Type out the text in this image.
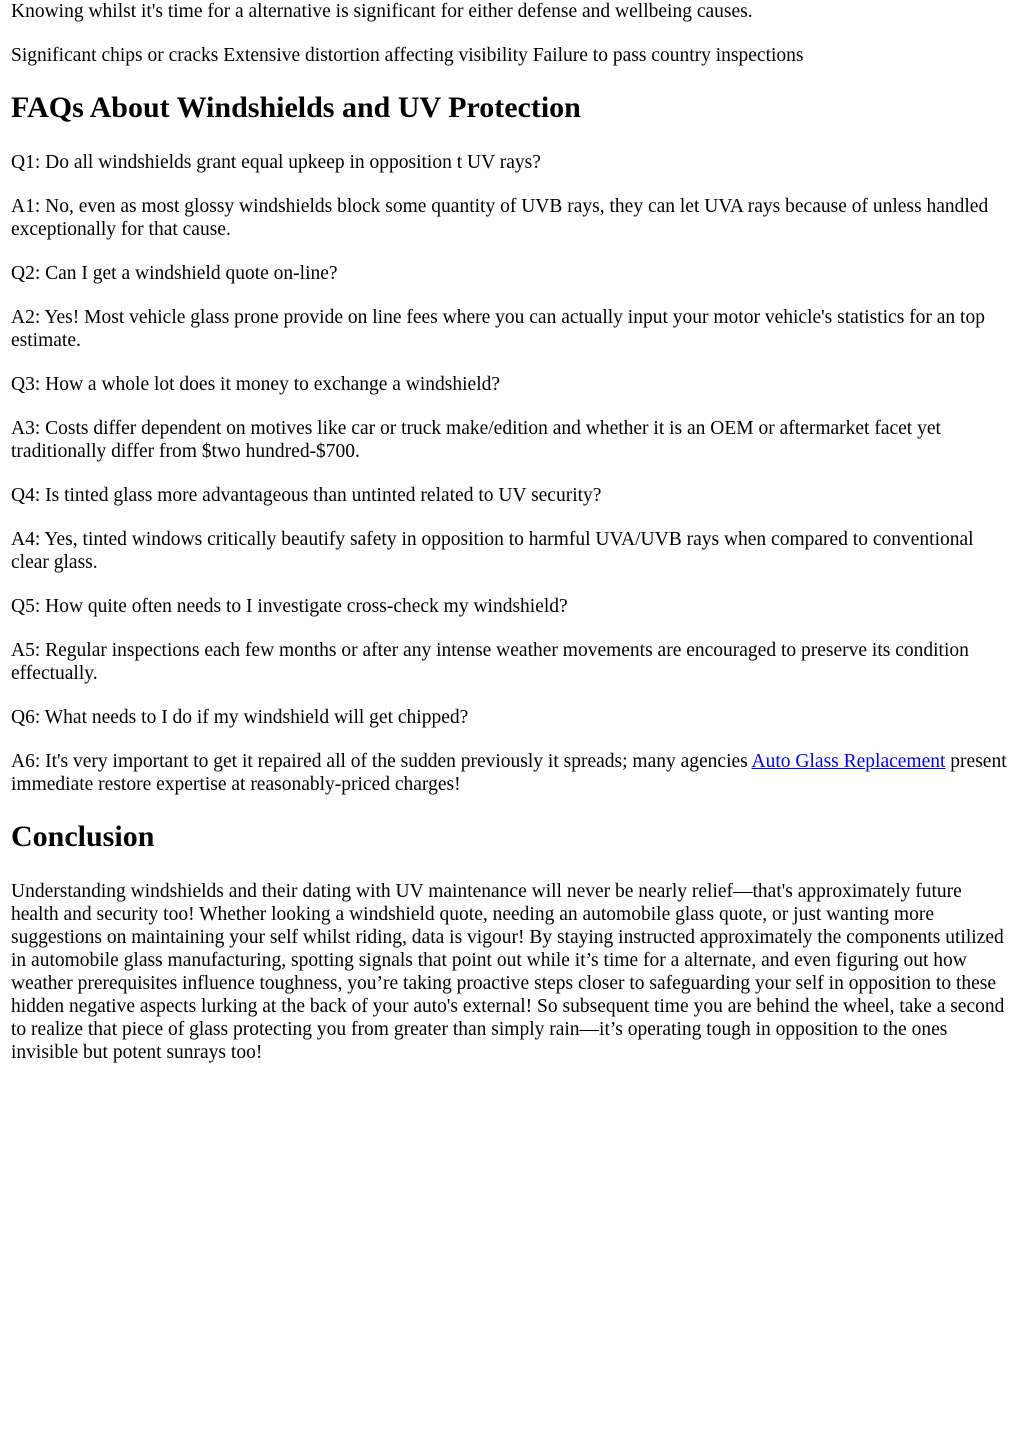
Knowing whilst it's time for a alternative is significant for either defense and wellbeing causes.

Significant chips or cracks Extensive distortion affecting visibility Failure to pass country inspections

FAQs About Windshields and UV Protection

Q1: Do all windshields grant equal upkeep in opposition t UV rays?

A1: No, even as most glossy windshields block some quantity of UVB rays, they can let UVA rays because of unless handled exceptionally for that cause.

Q2: Can I get a windshield quote on-line?

A2: Yes! Most vehicle glass prone provide on line fees where you can actually input your motor vehicle's statistics for an top estimate.

Q3: How a whole lot does it money to exchange a windshield?

A3: Costs differ dependent on motives like car or truck make/edition and whether it is an OEM or aftermarket facet yet traditionally differ from $two hundred-$700.

Q4: Is tinted glass more advantageous than untinted related to UV security?

A4: Yes, tinted windows critically beautify safety in opposition to harmful UVA/UVB rays when compared to conventional clear glass.

Q5: How quite often needs to I investigate cross-check my windshield?

A5: Regular inspections each few months or after any intense weather movements are encouraged to preserve its condition effectually.

Q6: What needs to I do if my windshield will get chipped?

A6: It's very important to get it repaired all of the sudden previously it spreads; many agencies Auto Glass Replacement present immediate restore expertise at reasonably-priced charges!

Conclusion

Understanding windshields and their dating with UV maintenance will never be nearly relief—that's approximately future health and security too! Whether looking a windshield quote, needing an automobile glass quote, or just wanting more suggestions on maintaining your self whilst riding, data is vigour! By staying instructed approximately the components utilized in automobile glass manufacturing, spotting signals that point out while it’s time for a alternate, and even figuring out how weather prerequisites influence toughness, you’re taking proactive steps closer to safeguarding your self in opposition to these hidden negative aspects lurking at the back of your auto's external! So subsequent time you are behind the wheel, take a second to realize that piece of glass protecting you from greater than simply rain—it’s operating tough in opposition to the ones invisible but potent sunrays too!
